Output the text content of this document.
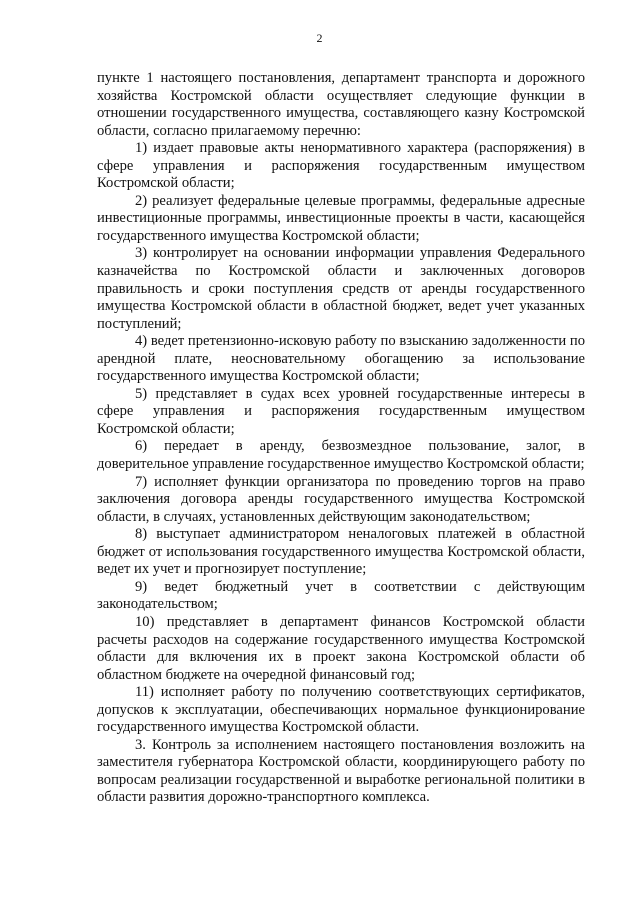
2

пункте 1 настоящего постановления, департамент транспорта и дорожного хозяйства Костромской области осуществляет следующие функции в отношении государственного имущества, составляющего казну Костромской области, согласно прилагаемому перечню:

1) издает правовые акты ненормативного характера (распоряжения) в сфере управления и распоряжения государственным имуществом Костромской области;

2) реализует федеральные целевые программы, федеральные адресные инвестиционные программы, инвестиционные проекты в части, касающейся государственного имущества Костромской области;

3) контролирует на основании информации управления Федерального казначейства по Костромской области и заключенных договоров правильность и сроки поступления средств от аренды государственного имущества Костромской области в областной бюджет, ведет учет указанных поступлений;

4) ведет претензионно-исковую работу по взысканию задолженности по арендной плате, неосновательному обогащению за использование государственного имущества Костромской области;

5) представляет в судах всех уровней государственные интересы в сфере управления и распоряжения государственным имуществом Костромской области;

6) передает в аренду, безвозмездное пользование, залог, в доверительное управление государственное имущество Костромской области;

7) исполняет функции организатора по проведению торгов на право заключения договора аренды государственного имущества Костромской области, в случаях, установленных действующим законодательством;

8) выступает администратором неналоговых платежей в областной бюджет от использования государственного имущества Костромской области, ведет их учет и прогнозирует поступление;

9) ведет бюджетный учет в соответствии с действующим законодательством;

10) представляет в департамент финансов Костромской области расчеты расходов на содержание государственного имущества Костромской области для включения их в проект закона Костромской области об областном бюджете на очередной финансовый год;

11) исполняет работу по получению соответствующих сертификатов, допусков к эксплуатации, обеспечивающих нормальное функционирование государственного имущества Костромской области.

3. Контроль за исполнением настоящего постановления возложить на заместителя губернатора Костромской области, координирующего работу по вопросам реализации государственной и выработке региональной политики в области развития дорожно-транспортного комплекса.
